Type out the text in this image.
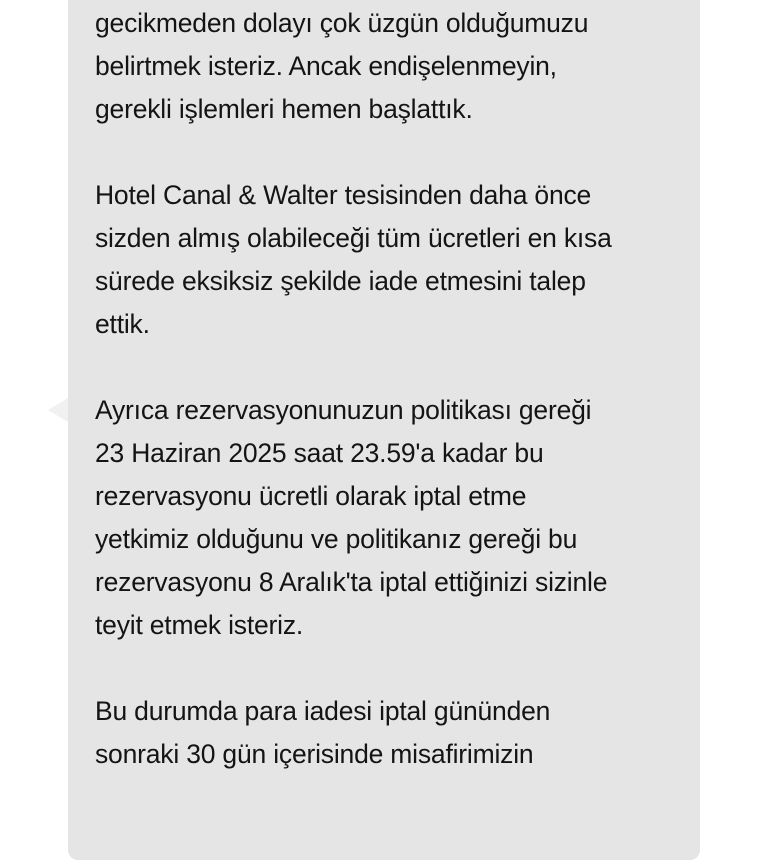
gecikmeden dolayı çok üzgün olduğumuzu
belirtmek isteriz. Ancak endişelenmeyin,
gerekli işlemleri hemen başlattık.

Hotel Canal & Walter tesisinden daha önce
sizden almış olabileceği tüm ücretleri en kısa
sürede eksiksiz şekilde iade etmesini talep
ettik.

Ayrıca rezervasyonunuzun politikası gereği
23 Haziran 2025 saat 23.59'a kadar bu
rezervasyonu ücretli olarak iptal etme
yetkimiz olduğunu ve politikanız gereği bu
rezervasyonu 8 Aralık'ta iptal ettiğinizi sizinle
teyit etmek isteriz.

Bu durumda para iadesi iptal gününden
sonraki 30 gün içerisinde misafirimizin
